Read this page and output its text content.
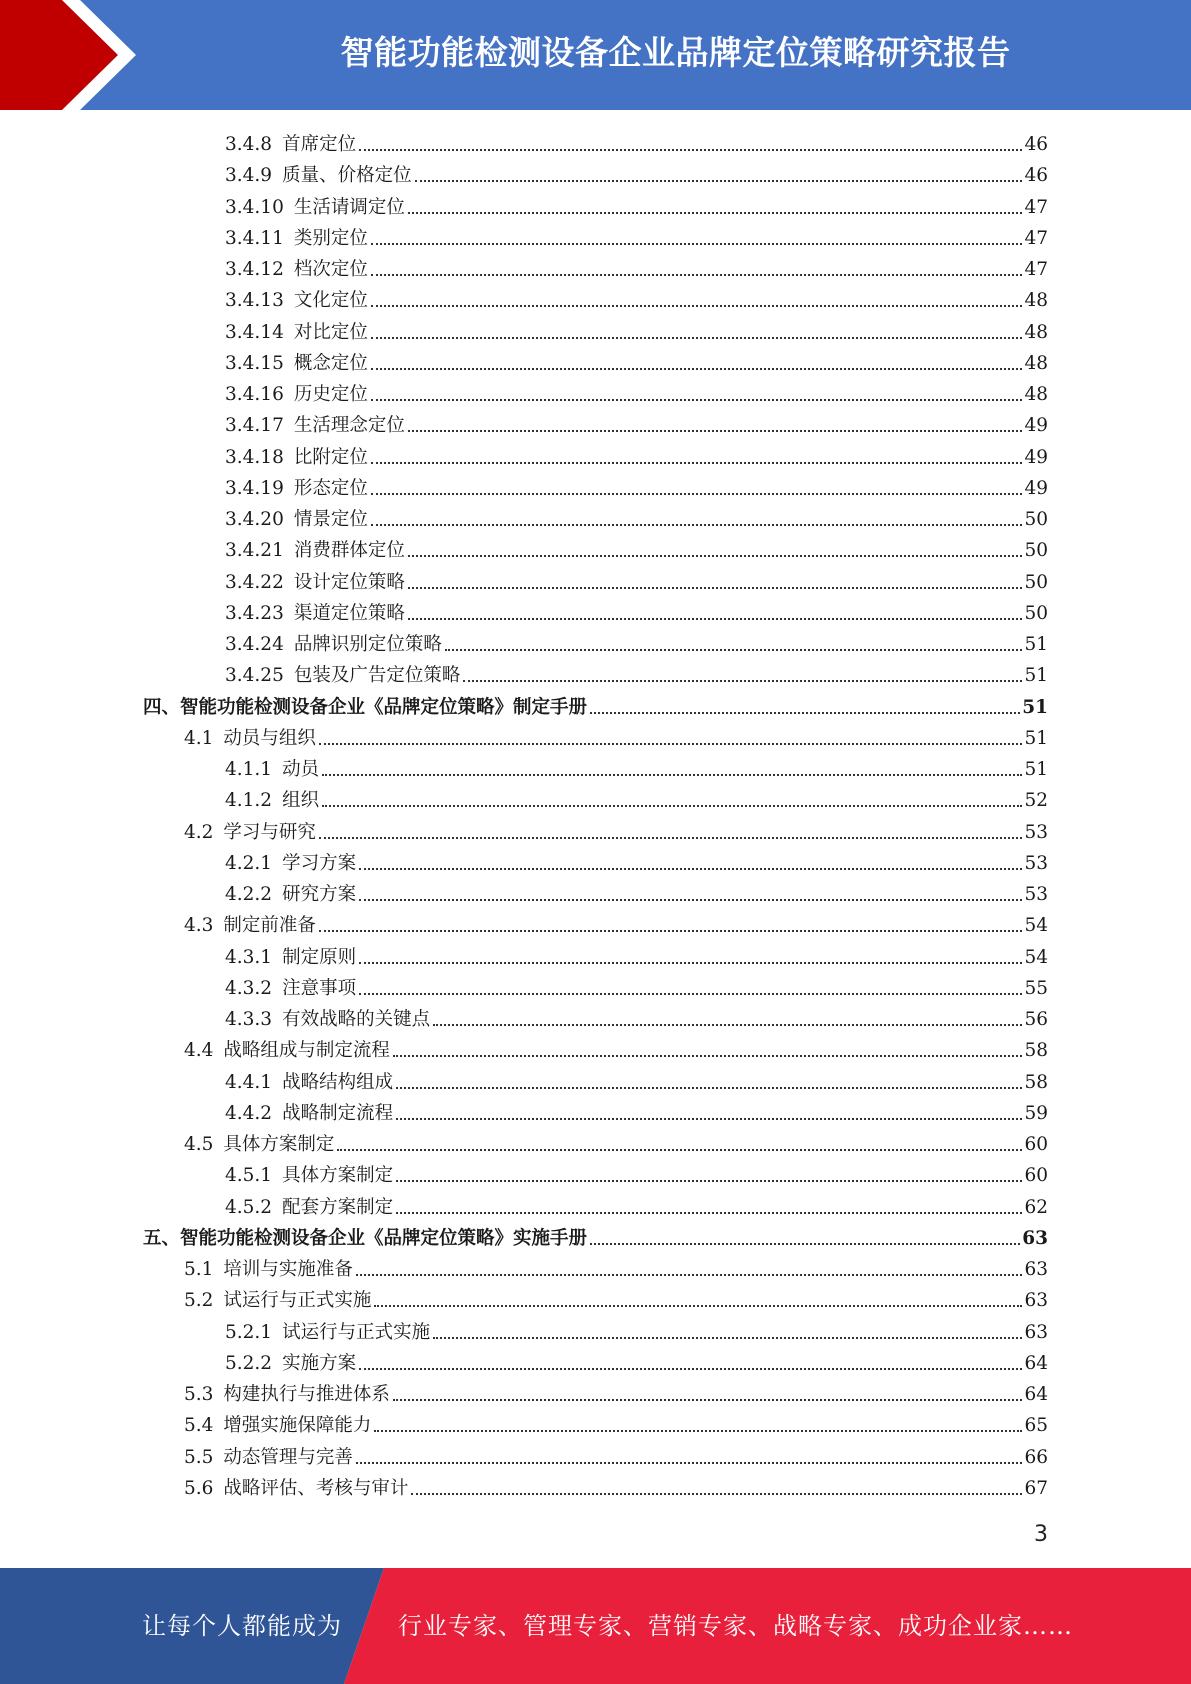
智能功能检测设备企业品牌定位策略研究报告
3.4.8 首席定位	46
3.4.9 质量、价格定位	46
3.4.10 生活请调定位	47
3.4.11 类别定位	47
3.4.12 档次定位	47
3.4.13 文化定位	48
3.4.14 对比定位	48
3.4.15 概念定位	48
3.4.16 历史定位	48
3.4.17 生活理念定位	49
3.4.18 比附定位	49
3.4.19 形态定位	49
3.4.20 情景定位	50
3.4.21 消费群体定位	50
3.4.22 设计定位策略	50
3.4.23 渠道定位策略	50
3.4.24 品牌识别定位策略	51
3.4.25 包装及广告定位策略	51
四、智能功能检测设备企业《品牌定位策略》制定手册	51
4.1 动员与组织	51
4.1.1 动员	51
4.1.2 组织	52
4.2 学习与研究	53
4.2.1 学习方案	53
4.2.2 研究方案	53
4.3 制定前准备	54
4.3.1 制定原则	54
4.3.2 注意事项	55
4.3.3 有效战略的关键点	56
4.4 战略组成与制定流程	58
4.4.1 战略结构组成	58
4.4.2 战略制定流程	59
4.5 具体方案制定	60
4.5.1 具体方案制定	60
4.5.2 配套方案制定	62
五、智能功能检测设备企业《品牌定位策略》实施手册	63
5.1 培训与实施准备	63
5.2 试运行与正式实施	63
5.2.1 试运行与正式实施	63
5.2.2 实施方案	64
5.3 构建执行与推进体系	64
5.4 增强实施保障能力	65
5.5 动态管理与完善	66
5.6 战略评估、考核与审计	67
3
让每个人都能成为 行业专家、管理专家、营销专家、战略专家、成功企业家……
